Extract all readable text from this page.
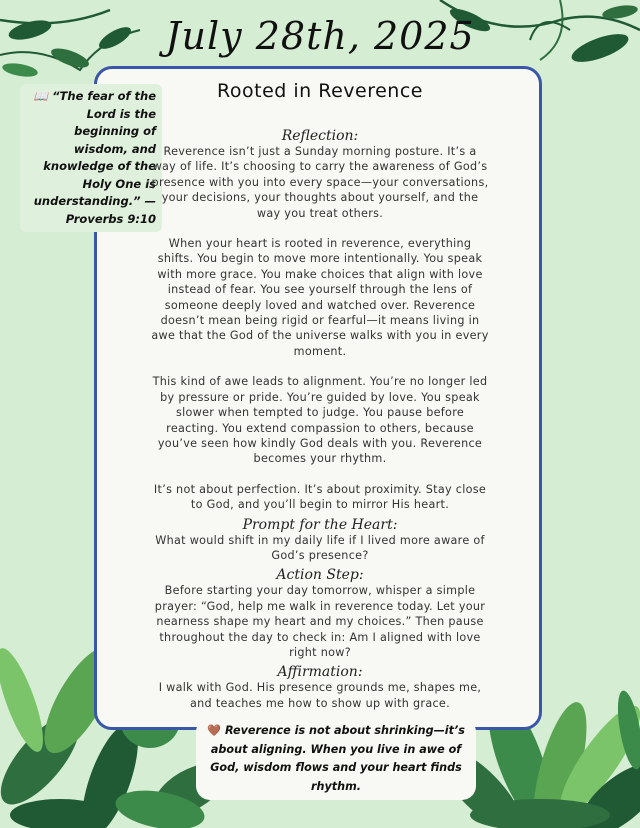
July 28th, 2025
Rooted in Reverence
📖 “The fear of the Lord is the beginning of wisdom, and knowledge of the Holy One is understanding.” — Proverbs 9:10

Reflection:

Reverence isn’t just a Sunday morning posture. It’s a way of life. It’s choosing to carry the awareness of God’s presence with you into every space—your conversations, your decisions, your thoughts about yourself, and the way you treat others.

When your heart is rooted in reverence, everything shifts. You begin to move more intentionally. You speak with more grace. You make choices that align with love instead of fear. You see yourself through the lens of someone deeply loved and watched over. Reverence doesn’t mean being rigid or fearful—it means living in awe that the God of the universe walks with you in every moment.

This kind of awe leads to alignment. You’re no longer led by pressure or pride. You’re guided by love. You speak slower when tempted to judge. You pause before reacting. You extend compassion to others, because you’ve seen how kindly God deals with you. Reverence becomes your rhythm.

It’s not about perfection. It’s about proximity. Stay close to God, and you’ll begin to mirror His heart.

Prompt for the Heart:

What would shift in my daily life if I lived more aware of God’s presence?

Action Step:

Before starting your day tomorrow, whisper a simple prayer: “God, help me walk in reverence today. Let your nearness shape my heart and my choices.” Then pause throughout the day to check in: Am I aligned with love right now?

Affirmation:

I walk with God. His presence grounds me, shapes me, and teaches me how to show up with grace.

🤎 Reverence is not about shrinking—it’s about aligning. When you live in awe of God, wisdom flows and your heart finds rhythm.
